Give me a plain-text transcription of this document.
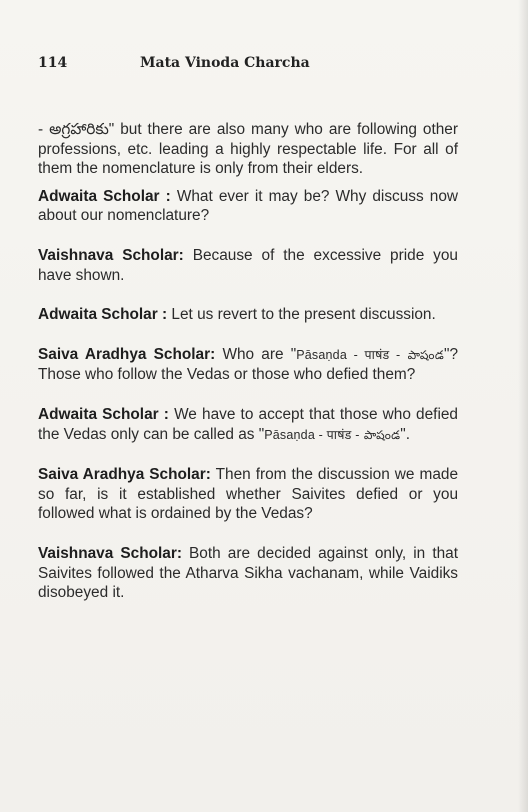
114	Mata Vinoda Charcha

- అగ్రహారికు" but there are also many who are following other professions, etc. leading a highly respectable life. For all of them the nomenclature is only from their elders.

Adwaita Scholar : What ever it may be? Why discuss now about our nomenclature?

Vaishnava Scholar: Because of the excessive pride you have shown.

Adwaita Scholar : Let us revert to the present discussion.

Saiva Aradhya Scholar: Who are "Pāsaṇda - पाषंड - పాషండ"? Those who follow the Vedas or those who defied them?

Adwaita Scholar : We have to accept that those who defied the Vedas only can be called as "Pāsaṇda - पाषंड - పాషండ".

Saiva Aradhya Scholar: Then from the discussion we made so far, is it established whether Saivites defied or you followed what is ordained by the Vedas?

Vaishnava Scholar: Both are decided against only, in that Saivites followed the Atharva Sikha vachanam, while Vaidiks disobeyed it.
